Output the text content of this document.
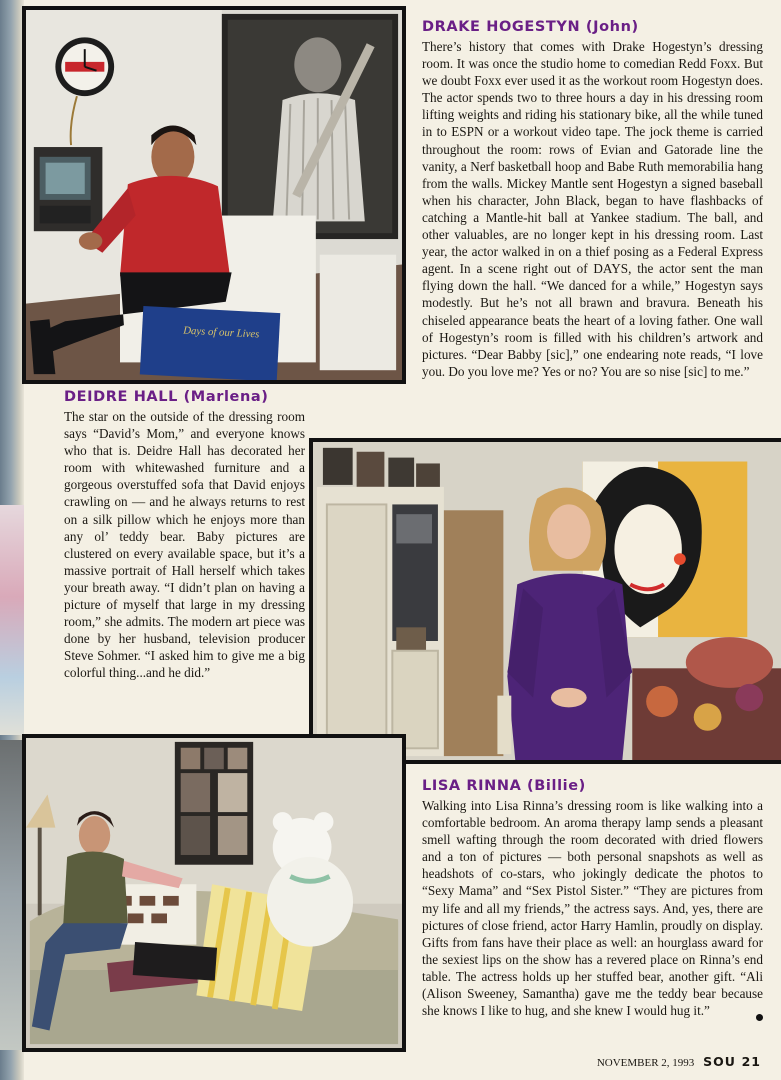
Days of our Lives
DRAKE HOGESTYN (John)

There’s history that comes with Drake Hogestyn’s dressing room. It was once the studio home to comedian Redd Foxx. But we doubt Foxx ever used it as the workout room Hogestyn does. The actor spends two to three hours a day in his dressing room lifting weights and riding his stationary bike, all the while tuned in to ESPN or a workout video tape. The jock theme is carried throughout the room: rows of Evian and Gatorade line the vanity, a Nerf basketball hoop and Babe Ruth memorabilia hang from the walls. Mickey Mantle sent Hogestyn a signed baseball when his character, John Black, began to have flashbacks of catching a Mantle-hit ball at Yankee stadium. The ball, and other valuables, are no longer kept in his dressing room. Last year, the actor walked in on a thief posing as a Federal Express agent. In a scene right out of DAYS, the actor sent the man flying down the hall. “We danced for a while,” Hogestyn says modestly. But he’s not all brawn and bravura. Beneath his chiseled appearance beats the heart of a loving father. One wall of Hogestyn’s room is filled with his children’s artwork and pictures. “Dear Babby [sic],” one endearing note reads, “I love you. Do you love me? Yes or no? You are so nise [sic] to me.”

DEIDRE HALL (Marlena)

The star on the outside of the dressing room says “David’s Mom,” and everyone knows who that is. Deidre Hall has decorated her room with whitewashed furniture and a gorgeous overstuffed sofa that David enjoys crawling on — and he always returns to rest on a silk pillow which he enjoys more than any ol’ teddy bear. Baby pictures are clustered on every available space, but it’s a massive portrait of Hall herself which takes your breath away. “I didn’t plan on having a picture of myself that large in my dressing room,” she admits. The modern art piece was done by her husband, television producer Steve Sohmer. “I asked him to give me a big colorful thing...and he did.”

LISA RINNA (Billie)

Walking into Lisa Rinna’s dressing room is like walking into a comfortable bedroom. An aroma therapy lamp sends a pleasant smell wafting through the room decorated with dried flowers and a ton of pictures — both personal snapshots as well as headshots of co-stars, who jokingly dedicate the photos to “Sexy Mama” and “Sex Pistol Sister.” “They are pictures from my life and all my friends,” the actress says. And, yes, there are pictures of close friend, actor Harry Hamlin, proudly on display. Gifts from fans have their place as well: an hourglass award for the sexiest lips on the show has a revered place on Rinna’s end table. The actress holds up her stuffed bear, another gift. “Ali (Alison Sweeney, Samantha) gave me the teddy bear because she knows I like to hug, and she knew I would hug it.”

NOVEMBER 2, 1993 SOU 21
